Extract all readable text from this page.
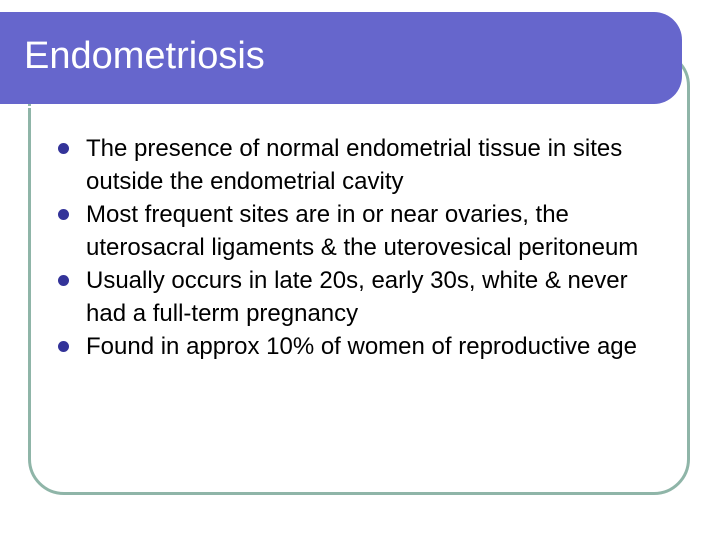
Endometriosis
The presence of normal endometrial tissue in sites outside the endometrial cavity
Most frequent sites are in or near ovaries, the uterosacral ligaments & the uterovesical peritoneum
Usually occurs in late 20s, early 30s, white & never had a full-term pregnancy
Found in approx 10% of women of reproductive age
